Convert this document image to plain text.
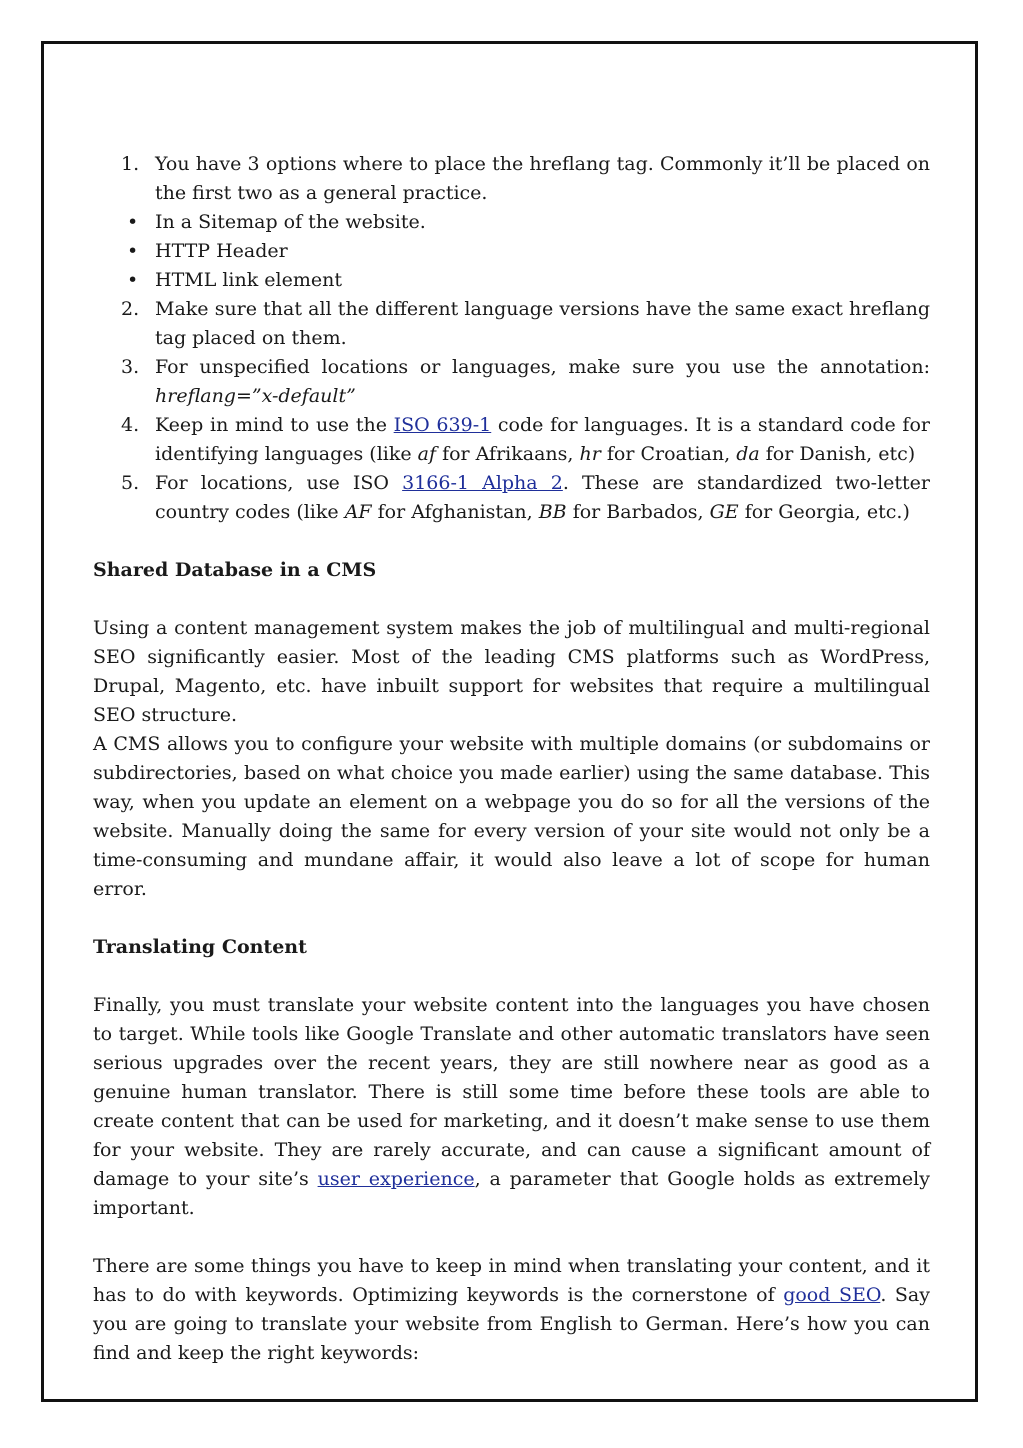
1. You have 3 options where to place the hreflang tag. Commonly it’ll be placed on the first two as a general practice.
• In a Sitemap of the website.
• HTTP Header
• HTML link element
2. Make sure that all the different language versions have the same exact hreflang tag placed on them.
3. For unspecified locations or languages, make sure you use the annotation: hreflang=”x-default”
4. Keep in mind to use the ISO 639-1 code for languages. It is a standard code for identifying languages (like af for Afrikaans, hr for Croatian, da for Danish, etc)
5. For locations, use ISO 3166-1 Alpha 2. These are standardized two-letter country codes (like AF for Afghanistan, BB for Barbados, GE for Georgia, etc.)
Shared Database in a CMS

Using a content management system makes the job of multilingual and multi-regional SEO significantly easier. Most of the leading CMS platforms such as WordPress, Drupal, Magento, etc. have inbuilt support for websites that require a multilingual SEO structure.

A CMS allows you to configure your website with multiple domains (or subdomains or subdirectories, based on what choice you made earlier) using the same database. This way, when you update an element on a webpage you do so for all the versions of the website. Manually doing the same for every version of your site would not only be a time-consuming and mundane affair, it would also leave a lot of scope for human error.

Translating Content

Finally, you must translate your website content into the languages you have chosen to target. While tools like Google Translate and other automatic translators have seen serious upgrades over the recent years, they are still nowhere near as good as a genuine human translator. There is still some time before these tools are able to create content that can be used for marketing, and it doesn’t make sense to use them for your website. They are rarely accurate, and can cause a significant amount of damage to your site’s user experience, a parameter that Google holds as extremely important.

There are some things you have to keep in mind when translating your content, and it has to do with keywords. Optimizing keywords is the cornerstone of good SEO. Say you are going to translate your website from English to German. Here’s how you can find and keep the right keywords:
